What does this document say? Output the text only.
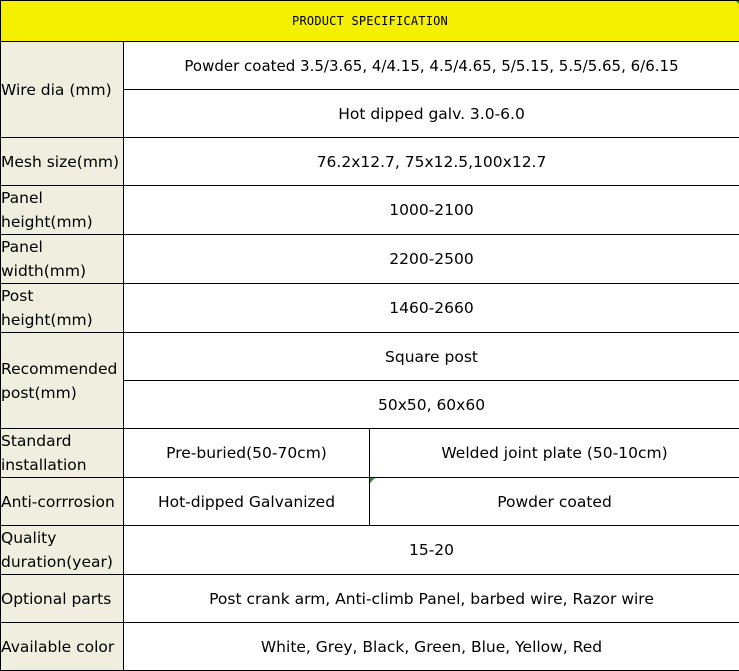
PRODUCT SPECIFICATION		
Wire dia (mm)	Powder coated 3.5/3.65, 4/4.15, 4.5/4.65, 5/5.15, 5.5/5.65, 6/6.15	
	Hot dipped galv. 3.0-6.0	
Mesh size(mm)	76.2x12.7, 75x12.5,100x12.7	
Panel height(mm)	1000-2100	
Panel width(mm)	2200-2500	
Post height(mm)	1460-2660	
Recommended post(mm)	Square post	
	50x50, 60x60	
Standard installation	Pre-buried(50-70cm)	Welded joint plate (50-10cm)

Anti-corrrosion	Hot-dipped Galvanized	Powder coated
Quality duration(year)	15-20	

Optional parts	Post crank arm, Anti-climb Panel, barbed wire, Razor wire	
Available color	White, Grey, Black, Green, Blue, Yellow, Red	
